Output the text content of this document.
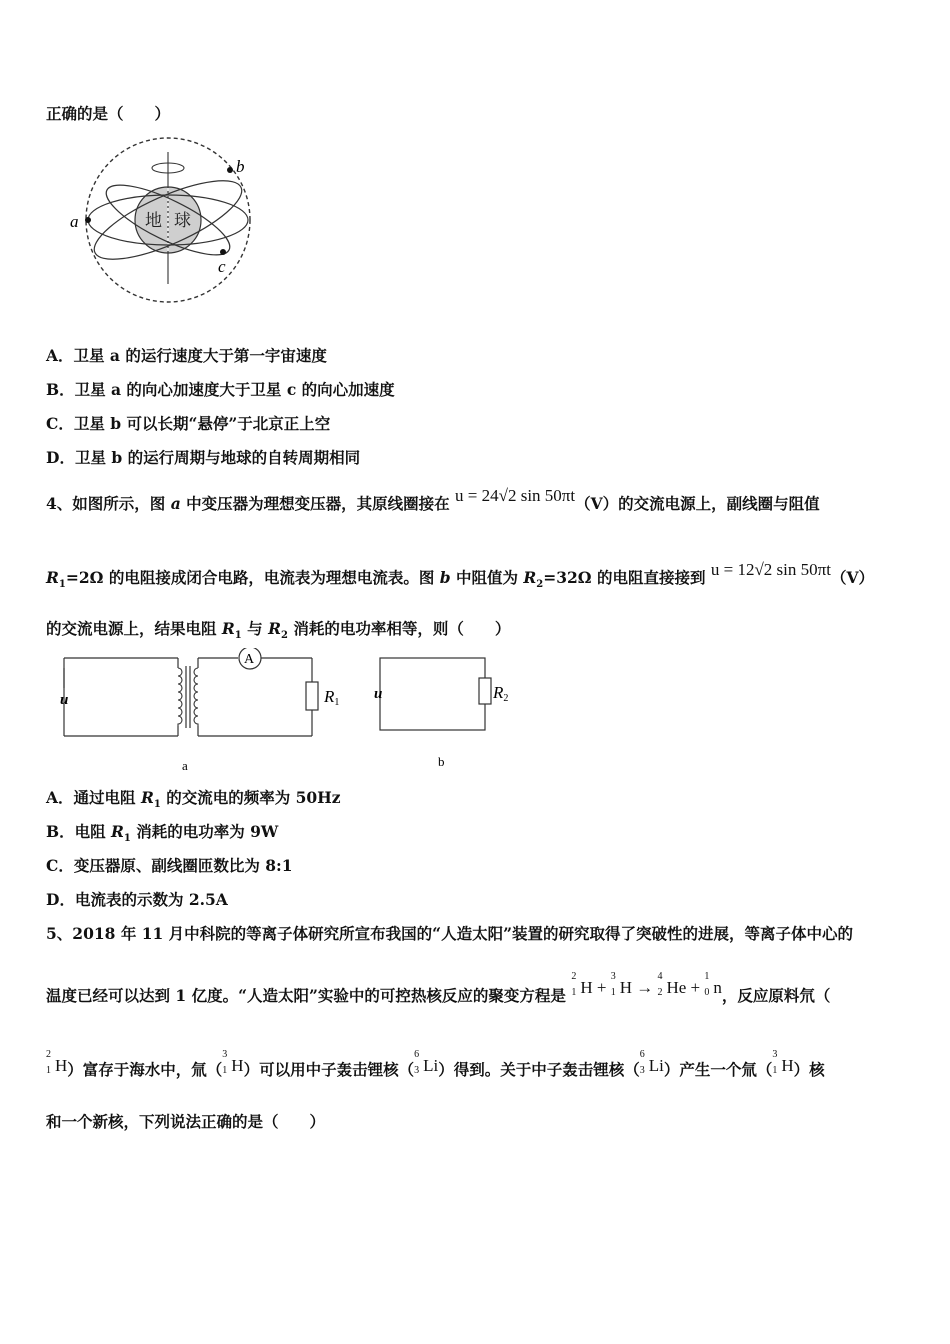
正确的是（　　）
地 球
a
b
c
A．卫星 a 的运行速度大于第一宇宙速度
B．卫星 a 的向心加速度大于卫星 c 的向心加速度
C．卫星 b 可以长期“悬停”于北京正上空
D．卫星 b 的运行周期与地球的自转周期相同
4、如图所示，图 a 中变压器为理想变压器，其原线圈接在 u = 24√2 sin 50πt（V）的交流电源上，副线圈与阻值
$R_1=2\Omega$ 的电阻接成闭合电路，电流表为理想电流表。图 b 中阻值为 $R_2=32\Omega$ 的电阻直接接到 u = 12√2 sin 50πt（V）
的交流电源上，结果电阻 $R_1$ 与 $R_2$ 消耗的电功率相等，则（　　）
A
R1
u
a
R2
u
b
A．通过电阻 $R_1$ 的交流电的频率为 50Hz
B．电阻 $R_1$ 消耗的电功率为 9W
C．变压器原、副线圈匝数比为 8:1
D．电流表的示数为 2.5A
5、2018 年 11 月中科院的等离子体研究所宣布我国的“人造太阳”装置的研究取得了突破性的进展，等离子体中心的
温度已经可以达到 1 亿度。“人造太阳”实验中的可控热核反应的聚变方程是
2
1 H +
3
1 H →
4
2 He +
1
0 n，反应原料氘（
2
1 H）富存于海水中，氚（
3
1 H）可以用中子轰击锂核（
6
3 Li）得到。关于中子轰击锂核（
6
3 Li）产生一个氚（
3
1 H）核
和一个新核，下列说法正确的是（　　）
